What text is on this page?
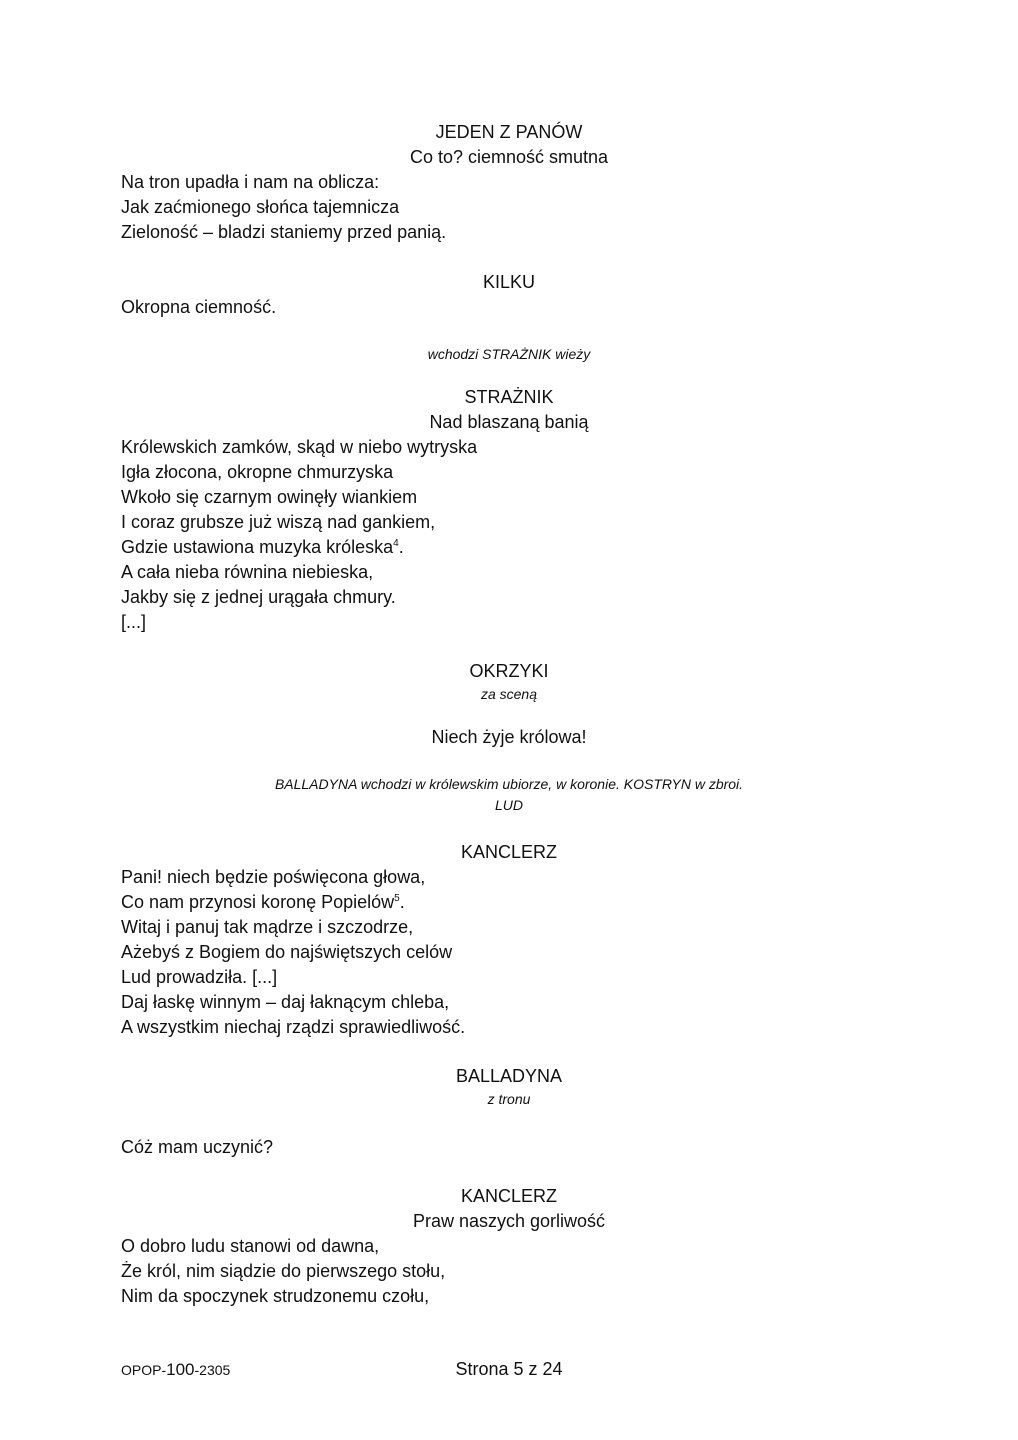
JEDEN Z PANÓW
Co to? ciemność smutna
Na tron upadła i nam na oblicza:
Jak zaćmionego słońca tajemnicza
Zieloność – bladzi staniemy przed panią.
KILKU
Okropna ciemność.
wchodzi STRAŻNIK wieży
STRAŻNIK
Nad blaszaną banią
Królewskich zamków, skąd w niebo wytryska
Igła złocona, okropne chmurzyska
Wkoło się czarnym owinęły wiankiem
I coraz grubsze już wiszą nad gankiem,
Gdzie ustawiona muzyka króleska$^4$.
A cała nieba równina niebieska,
Jakby się z jednej urągała chmury.
[...]
OKRZYKI
za sceną
Niech żyje królowa!
BALLADYNA wchodzi w królewskim ubiorze, w koronie. KOSTRYN w zbroi.
LUD
KANCLERZ
Pani! niech będzie poświęcona głowa,
Co nam przynosi koronę Popielów$^5$.
Witaj i panuj tak mądrze i szczodrze,
Ażebyś z Bogiem do najświętszych celów
Lud prowadziła. [...]
Daj łaskę winnym – daj łaknącym chleba,
A wszystkim niechaj rządzi sprawiedliwość.
BALLADYNA
z tronu
Cóż mam uczynić?
KANCLERZ
Praw naszych gorliwość
O dobro ludu stanowi od dawna,
Że król, nim siądzie do pierwszego stołu,
Nim da spoczynek strudzonemu czołu,
OPOP-100-2305	Strona 5 z 24
